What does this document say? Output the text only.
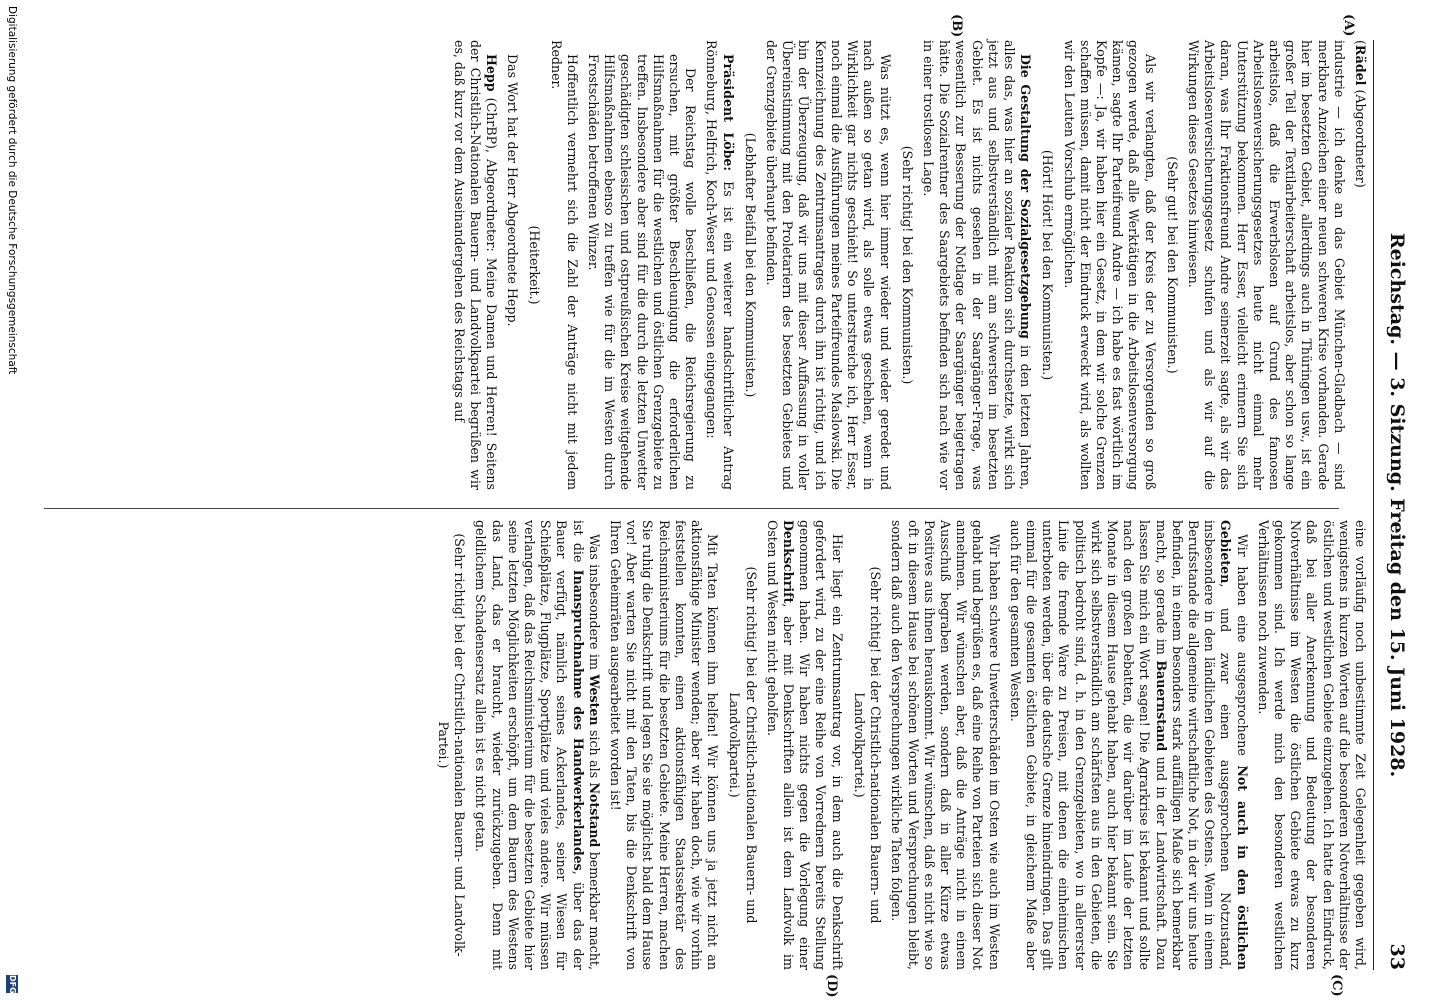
Reichstag. — 3. Sitzung. Freitag den 15. Juni 1928.
33
(A)
(B)
(C)
(D)

(Rädel (Abgeordneter)

industrie — ich denke an das Gebiet München-Gladbach — sind merkbare Anzeichen einer neuen schweren Krise vorhanden. Gerade hier im besetzten Gebiet, allerdings auch in Thüringen usw., ist ein großer Teil der Textilarbeiterschaft arbeitslos, aber schon so lange arbeitslos, daß die Erwerbslosen auf Grund des famosen Arbeitslosenversicherungsgesetzes heute nicht einmal mehr Unterstützung bekommen. Herr Esser, vielleicht erinnern Sie sich daran, was Ihr Fraktionsfreund Andre seinerzeit sagte, als wir das Arbeitslosenversicherungsgesetz schufen und als wir auf die Wirkungen dieses Gesetzes hinwiesen.

(Sehr gut! bei den Kommunisten.)

Als wir verlangten, daß der Kreis der zu Versorgenden so groß gezogen werde, daß alle Werktätigen in die Arbeitslosenversorgung kämen, sagte Ihr Parteifreund Andre — ich habe es fast wörtlich im Kopfe —: Ja, wir haben hier ein Gesetz, in dem wir solche Grenzen schaffen müssen, damit nicht der Eindruck erweckt wird, als wollten wir den Leuten Vorschub ermöglichen.

(Hört! Hört! bei den Kommunisten.)

Die Gestaltung der Sozialgesetzgebung in den letzten Jahren, alles das, was hier an sozialer Reaktion sich durchsetzte, wirkt sich jetzt aus und selbstverständlich mit am schwersten im besetzten Gebiet. Es ist nichts gesehen in der Saargänger-Frage, was wesentlich zur Besserung der Notlage der Saargänger beigetragen hätte. Die Sozialrentner des Saargebiets befinden sich nach wie vor in einer trostlosen Lage.

(Sehr richtig! bei den Kommunisten.)

Was nützt es, wenn hier immer wieder und wieder geredet und nach außen so getan wird, als solle etwas geschehen, wenn in Wirklichkeit gar nichts geschieht! So unterstreiche ich, Herr Esser, noch einmal die Ausführungen meines Parteifreundes Maslowski. Die Kennzeichnung des Zentrumsantrages durch ihn ist richtig, und ich bin der Überzeugung, daß wir uns mit dieser Auffassung in voller Übereinstimmung mit den Proletariern des besetzten Gebietes und der Grenzgebiete überhaupt befinden.

(Lebhafter Beifall bei den Kommunisten.)

Präsident Löbe: Es ist ein weiterer handschriftlicher Antrag Rönneburg, Helfrich, Koch-Weser und Genossen eingegangen:

Der Reichstag wolle beschließen, die Reichsregierung zu ersuchen, mit größter Beschleunigung die erforderlichen Hilfsmaßnahmen für die westlichen und östlichen Grenzgebiete zu treffen. Insbesondere aber sind für die durch die letzten Unwetter geschädigten schlesischen und ostpreußischen Kreise weitgehende Hilfsmaßnahmen ebenso zu treffen wie für die im Westen durch Frostschäden betroffenen Winzer.

Hoffentlich vermehrt sich die Zahl der Anträge nicht mit jedem Redner.

(Heiterkeit.)

Das Wort hat der Herr Abgeordnete Hepp.

Hepp (ChrBP), Abgeordneter: Meine Damen und Herren! Seitens der Christlich-Nationalen Bauern- und Landvolkpartei begrüßen wir es, daß kurz vor dem Auseinandergehen des Reichstags auf

eine vorläufig noch unbestimmte Zeit Gelegenheit gegeben wird, wenigstens in kurzen Worten auf die besonderen Notverhältnisse der östlichen und westlichen Gebiete einzugehen. Ich hatte den Eindruck, daß bei aller Anerkennung und Bedeutung der besonderen Notverhältnisse im Westen die östlichen Gebiete etwas zu kurz gekommen sind. Ich werde mich den besonderen westlichen Verhältnissen noch zuwenden.

Wir haben eine ausgesprochene Not auch in den östlichen Gebieten, und zwar einen ausgesprochenen Notzustand, insbesondere in den ländlichen Gebieten des Ostens. Wenn in einem Berufsstande die allgemeine wirtschaftliche Not, in der wir uns heute befinden, in einem besonders stark auffälligen Maße sich bemerkbar macht, so gerade im Bauernstand und in der Landwirtschaft. Dazu lassen Sie mich ein Wort sagen! Die Agrarkrise ist bekannt und sollte nach den großen Debatten, die wir darüber im Laufe der letzten Monate in diesem Hause gehabt haben, auch hier bekannt sein. Sie wirkt sich selbstverständlich am schärfsten aus in den Gebieten, die politisch bedroht sind, d. h. in den Grenzgebieten, wo in allererster Linie die fremde Ware zu Preisen, mit denen die einheimischen unterboten werden, über die deutsche Grenze hineindringen. Das gilt einmal für die gesamten östlichen Gebiete, in gleichem Maße aber auch für den gesamten Westen.

Wir haben schwere Unwetterschäden im Osten wie auch im Westen gehabt und begrüßen es, daß eine Reihe von Parteien sich dieser Not annehmen. Wir wünschen aber, daß die Anträge nicht in einem Ausschuß begraben werden, sondern daß in aller Kürze etwas Positives aus ihnen herauskommt. Wir wünschen, daß es nicht wie so oft in diesem Hause bei schönen Worten und Versprechungen bleibt, sondern daß auch den Versprechungen wirkliche Taten folgen.

(Sehr richtig! bei der Christlich-nationalen Bauern- und Landvolkpartei.)

Hier liegt ein Zentrumsantrag vor, in dem auch die Denkschrift gefordert wird, zu der eine Reihe von Vorrednern bereits Stellung genommen haben. Wir haben nichts gegen die Vorlegung einer Denkschrift, aber mit Denkschriften allein ist dem Landvolk im Osten und Westen nicht geholfen.

(Sehr richtig! bei der Christlich-nationalen Bauern- und Landvolkpartei.)

Mit Taten können ihm helfen! Wir können uns ja jetzt nicht an aktionsfähige Minister wenden; aber wir haben doch, wie wir vorhin feststellen konnten, einen aktionsfähigen Staatssekretär des Reichsministeriums für die besetzten Gebiete. Meine Herren, machen Sie ruhig die Denkschrift und legen Sie sie möglichst bald dem Hause vor! Aber warten Sie nicht mit den Taten, bis die Denkschrift von Ihren Geheimräten ausgearbeitet worden ist!

Was insbesondere im Westen sich als Notstand bemerkbar macht, ist die Inanspruchnahme des Handwerkerlandes, über das der Bauer verfügt, nämlich seines Ackerlandes, seiner Wiesen für Schießplätze, Flugplätze, Sportplätze und vieles andere. Wir müssen verlangen, daß das Reichsministerium für die besetzten Gebiete hier seine letzten Möglichkeiten erschöpft, um dem Bauern des Westens das Land, das er braucht, wieder zurückzugeben. Denn mit geldlichem Schadensersatz allein ist es nicht getan.

(Sehr richtig! bei der Christlich-nationalen Bauern- und Landvolk-Partei.)

Digitalisierung gefördert durch die Deutsche Forschungsgemeinschaft
DFG
